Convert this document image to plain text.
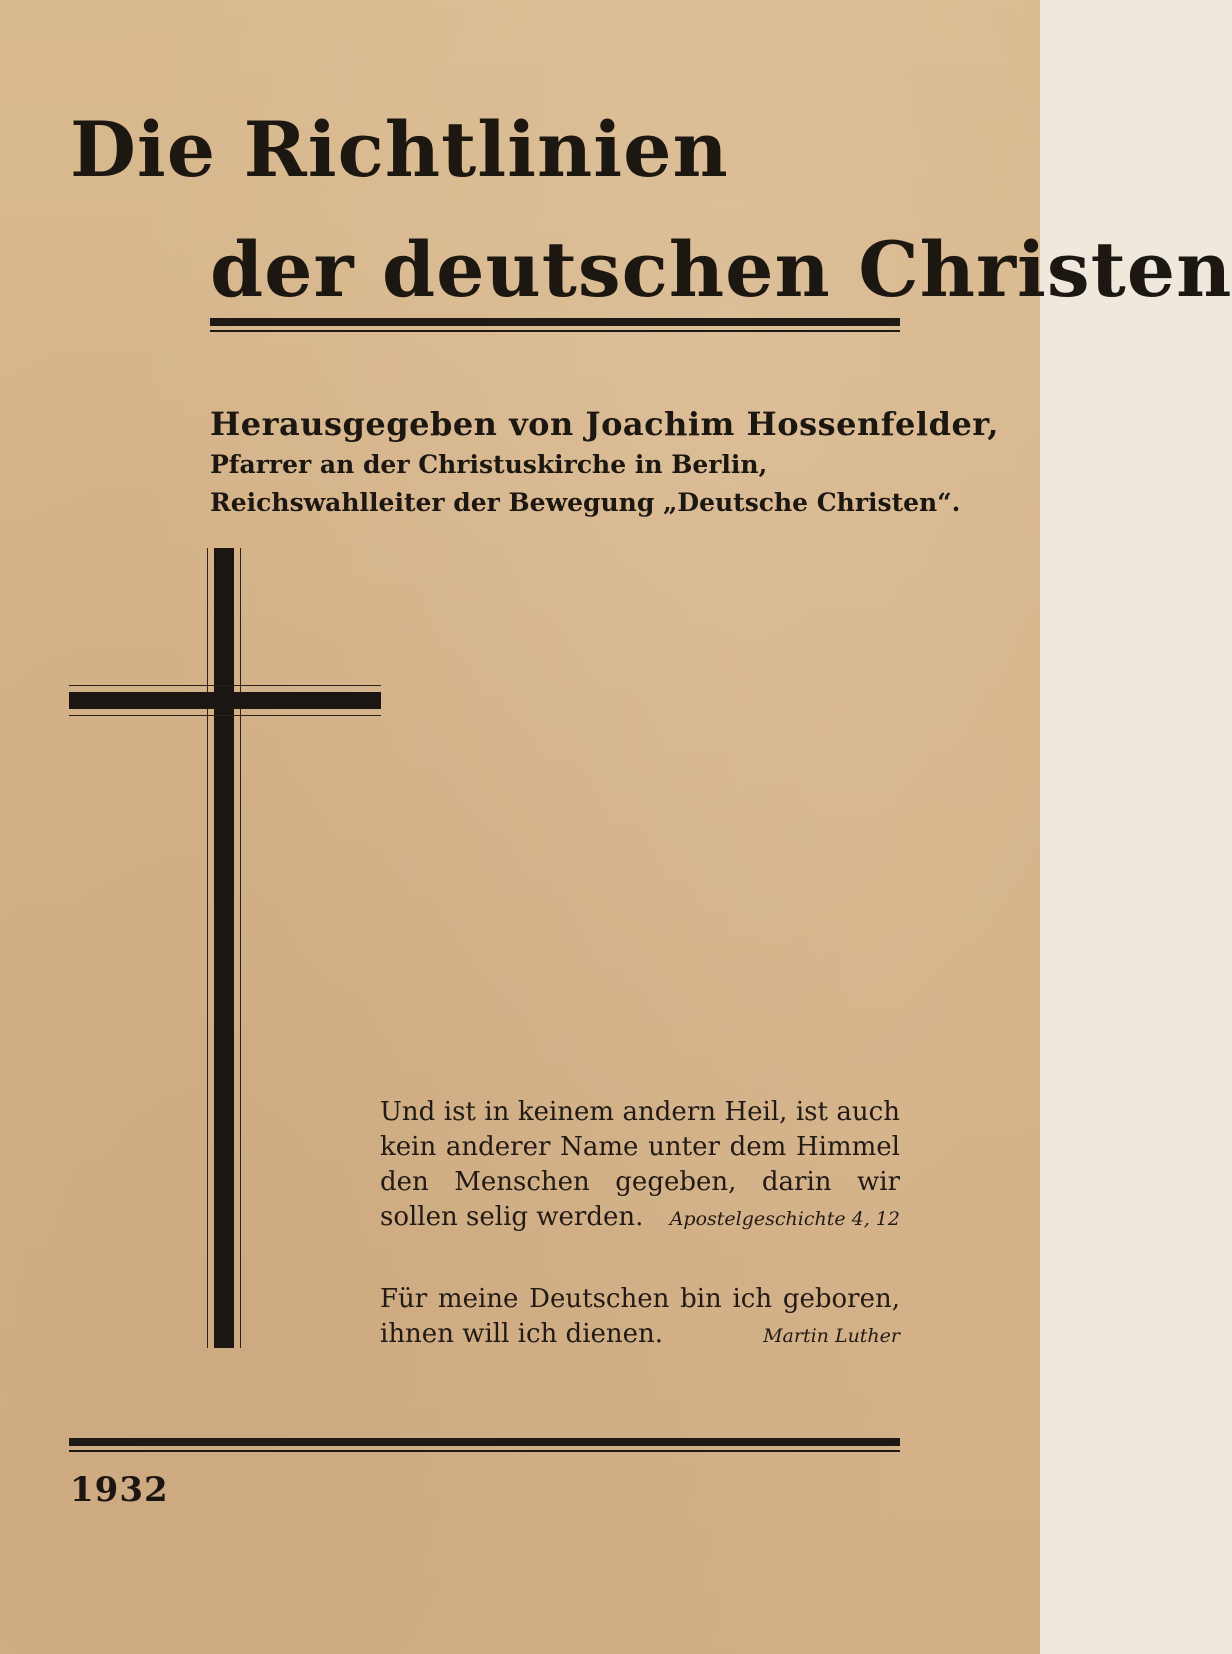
Die Richtlinien
der deutschen Christen
Herausgegeben von Joachim Hossenfelder,
Pfarrer an der Christuskirche in Berlin,
Reichswahlleiter der Bewegung „Deutsche Christen“.
Und ist in keinem andern Heil, ist auch kein anderer Name unter dem Himmel den Menschen gegeben, darin wir sollen selig werden. Apostelgeschichte 4, 12
Für meine Deutschen bin ich geboren, ihnen will ich dienen.	Martin Luther
1932
